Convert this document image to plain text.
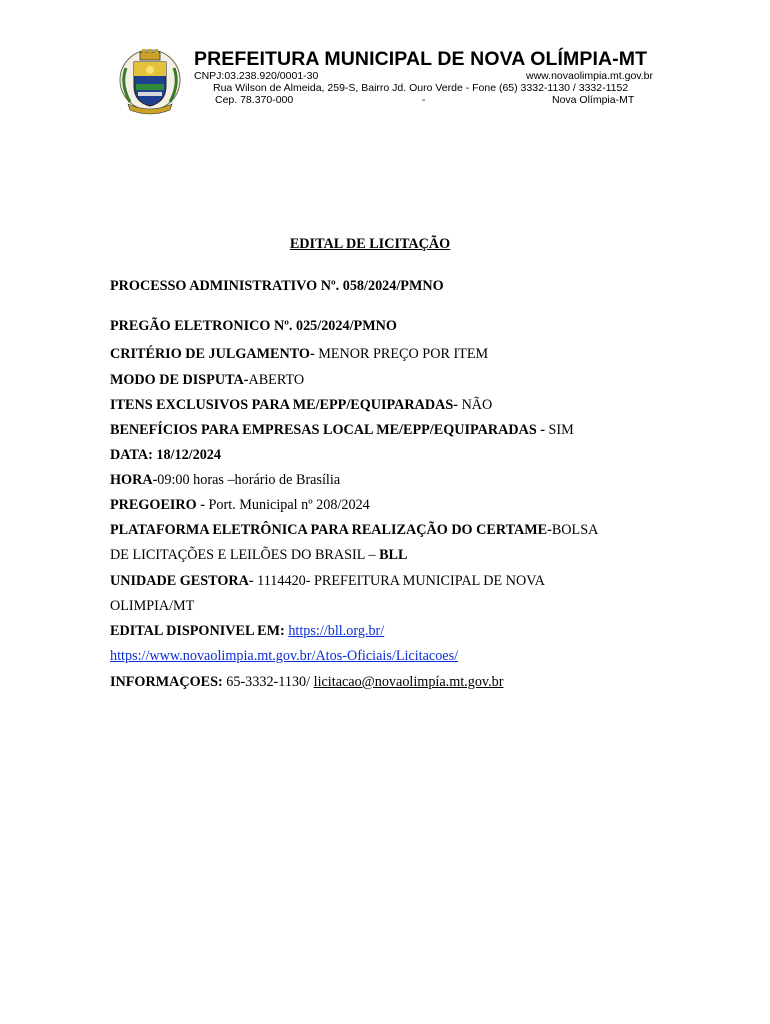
PREFEITURA MUNICIPAL DE NOVA OLÍMPIA-MT
CNPJ:03.238.920/0001-30	www.novaolimpia.mt.gov.br
Rua Wilson de Almeida, 259-S, Bairro Jd. Ouro Verde - Fone (65) 3332-1130 / 3332-1152
Cep. 78.370-000	-	Nova Olímpia-MT
EDITAL DE LICITAÇÃO
PROCESSO ADMINISTRATIVO Nº. 058/2024/PMNO
PREGÃO ELETRONICO Nº. 025/2024/PMNO
CRITÉRIO DE JULGAMENTO- MENOR PREÇO POR ITEM
MODO DE DISPUTA-ABERTO
ITENS EXCLUSIVOS PARA ME/EPP/EQUIPARADAS- NÃO
BENEFÍCIOS PARA EMPRESAS LOCAL ME/EPP/EQUIPARADAS - SIM
DATA: 18/12/2024
HORA-09:00 horas –horário de Brasília
PREGOEIRO - Port. Municipal nº 208/2024
PLATAFORMA ELETRÔNICA PARA REALIZAÇÃO DO CERTAME-BOLSA
DE LICITAÇÕES E LEILÕES DO BRASIL – BLL
UNIDADE GESTORA- 1114420- PREFEITURA MUNICIPAL DE NOVA
OLIMPIA/MT
EDITAL DISPONIVEL EM: https://bll.org.br/
https://www.novaolimpia.mt.gov.br/Atos-Oficiais/Licitacoes/
INFORMAÇOES: 65-3332-1130/ licitacao@novaolimpía.mt.gov.br
